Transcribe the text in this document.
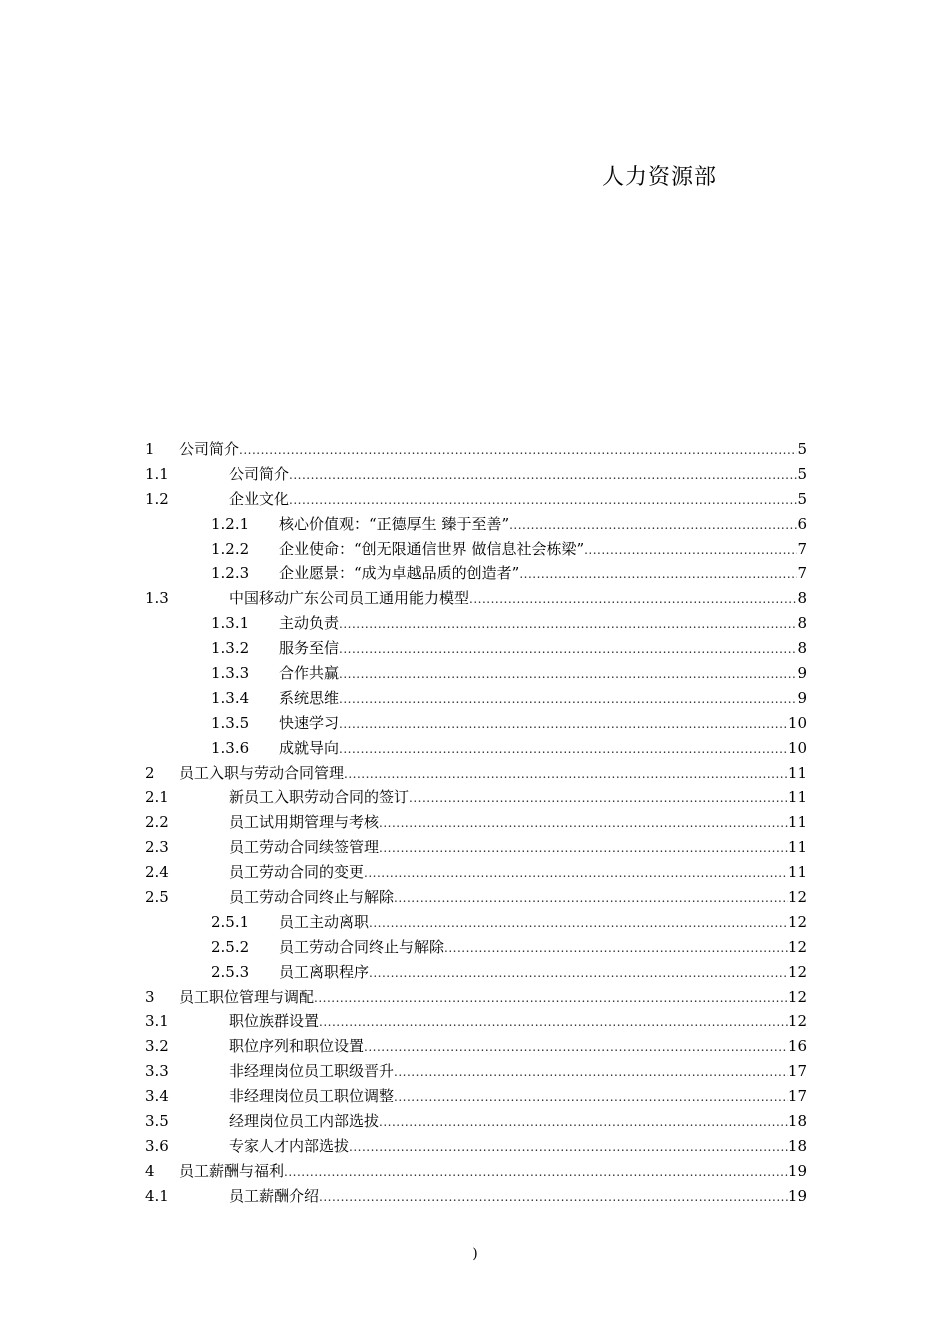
人力资源部
1 公司简介 .....	5
1.1	公司简介 .....	5
1.2	企业文化 .....	5
1.2.1 核心价值观：“正德厚生 臻于至善” .....	6
1.2.2 企业使命：“创无限通信世界 做信息社会栋梁” .....	7
1.2.3 企业愿景：“成为卓越品质的创造者” .....	7
1.3	中国移动广东公司员工通用能力模型 .....	8
1.3.1 主动负责 .....	8
1.3.2 服务至信 .....	8
1.3.3 合作共赢 .....	9
1.3.4 系统思维 .....	9
1.3.5 快速学习 .....	10
1.3.6 成就导向 .....	10
2 员工入职与劳动合同管理 .....	11
2.1	新员工入职劳动合同的签订 .....	11
2.2	员工试用期管理与考核 .....	11
2.3	员工劳动合同续签管理 .....	11
2.4	员工劳动合同的变更 .....	11
2.5	员工劳动合同终止与解除 .....	12
2.5.1 员工主动离职 .....	12
2.5.2 员工劳动合同终止与解除 .....	12
2.5.3 员工离职程序 .....	12
3 员工职位管理与调配 .....	12
3.1	职位族群设置 .....	12
3.2	职位序列和职位设置 .....	16
3.3	非经理岗位员工职级晋升 .....	17
3.4	非经理岗位员工职位调整 .....	17
3.5	经理岗位员工内部选拔 .....	18
3.6	专家人才内部选拔 .....	18
4 员工薪酬与福利 .....	19
4.1	员工薪酬介绍 .....	19
)
